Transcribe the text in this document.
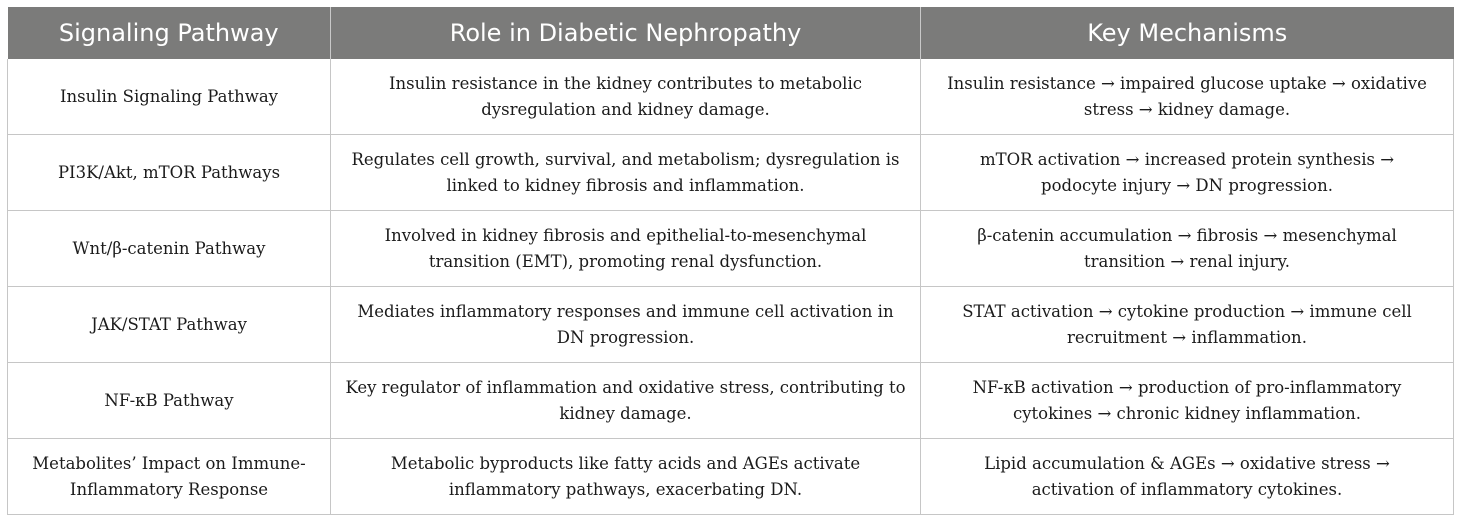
Signaling Pathway	Role in Diabetic Nephropathy	Key Mechanisms

Insulin Signaling Pathway	Insulin resistance in the kidney contributes to metabolic
dysregulation and kidney damage.	Insulin resistance → impaired glucose uptake → oxidative
stress → kidney damage.

PI3K/Akt, mTOR Pathways	Regulates cell growth, survival, and metabolism; dysregulation is
linked to kidney fibrosis and inflammation.	mTOR activation → increased protein synthesis →
podocyte injury → DN progression.

Wnt/β-catenin Pathway	Involved in kidney fibrosis and epithelial-to-mesenchymal
transition (EMT), promoting renal dysfunction.	β-catenin accumulation → fibrosis → mesenchymal
transition → renal injury.

JAK/STAT Pathway	Mediates inflammatory responses and immune cell activation in
DN progression.	STAT activation → cytokine production → immune cell
recruitment → inflammation.

NF-κB Pathway	Key regulator of inflammation and oxidative stress, contributing to
kidney damage.	NF-κB activation → production of pro-inflammatory
cytokines → chronic kidney inflammation.

Metabolites’ Impact on Immune-
Inflammatory Response	Metabolic byproducts like fatty acids and AGEs activate
inflammatory pathways, exacerbating DN.	Lipid accumulation & AGEs → oxidative stress →
activation of inflammatory cytokines.
